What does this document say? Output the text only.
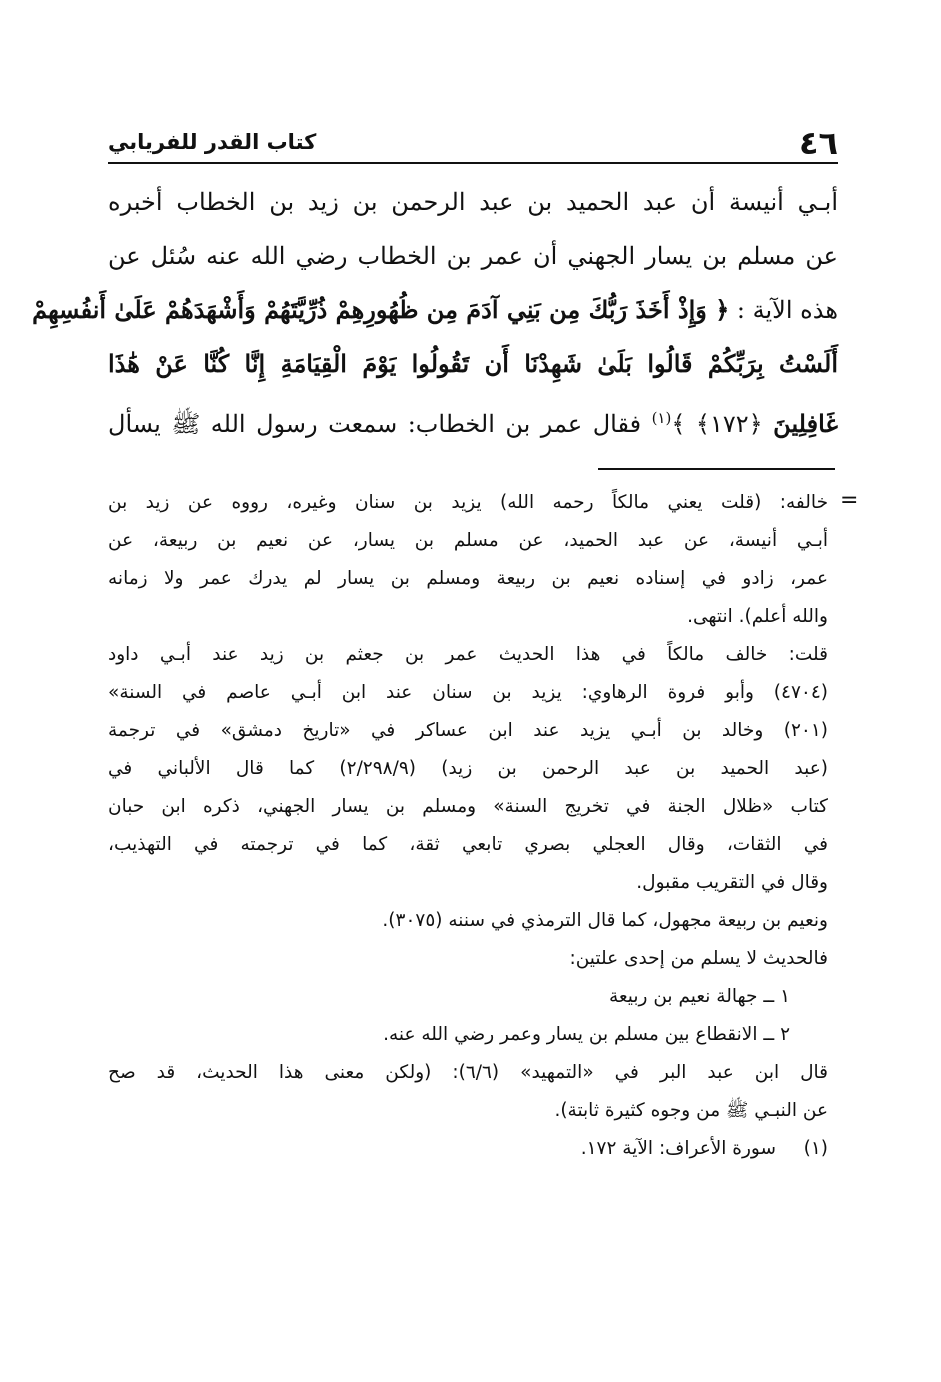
٤٦
كتاب القدر للفريابي
أبـي أنيسة أن عبد الحميد بن عبد الرحمن بن زيد بن الخطاب أخبره
عن مسلم بن يسار الجهني أن عمر بن الخطاب رضي الله عنه سُئل عن
هذه الآية : ﴿ وَإِذْ أَخَذَ رَبُّكَ مِن بَنِي آدَمَ مِن ظُهُورِهِمْ ذُرِّيَّتَهُمْ وَأَشْهَدَهُمْ عَلَىٰ أَنفُسِهِمْ
أَلَسْتُ بِرَبِّكُمْ قَالُوا بَلَىٰ شَهِدْنَا أَن تَقُولُوا يَوْمَ الْقِيَامَةِ إِنَّا كُنَّا عَنْ هَٰذَا
غَافِلِينَ ﴿١٧٢﴾ ﴾$^{(١)}$ فقال عمر بن الخطاب: سمعت رسول الله ﷺ يسأل
=
خالفه: (قلت يعني مالكاً رحمه الله) يزيد بن سنان وغيره، رووه عن زيد بن
أبـي أنيسة، عن عبد الحميد، عن مسلم بن يسار، عن نعيم بن ربيعة، عن
عمر، زادو في إسناده نعيم بن ربيعة ومسلم بن يسار لم يدرك عمر ولا زمانه
والله أعلم). انتهى.
قلت: خالف مالكاً في هذا الحديث عمر بن جعثم بن زيد عند أبـي داود
(٤٧٠٤) وأبو فروة الرهاوي: يزيد بن سنان عند ابن أبـي عاصم في السنة»
(٢٠١) وخالد بن أبـي يزيد عند ابن عساكر في «تاريخ دمشق» في ترجمة
(عبد الحميد بن عبد الرحمن بن زيد) (٢/٢٩٨/٩) كما قال الألباني في
كتاب «ظلال الجنة في تخريج السنة» ومسلم بن يسار الجهني، ذكره ابن حبان
في الثقات، وقال العجلي بصري تابعي ثقة، كما في ترجمته في التهذيب،
وقال في التقريب مقبول.
ونعيم بن ربيعة مجهول، كما قال الترمذي في سننه (٣٠٧٥).
فالحديث لا يسلم من إحدى علتين:
١ ــ جهالة نعيم بن ربيعة
٢ ــ الانقطاع بين مسلم بن يسار وعمر رضي الله عنه.
قال ابن عبد البر في «التمهيد» (٦/٦): (ولكن معنى هذا الحديث، قد صح
عن النبـي ﷺ من وجوه كثيرة ثابتة).
(١)
سورة الأعراف: الآية ١٧٢.
